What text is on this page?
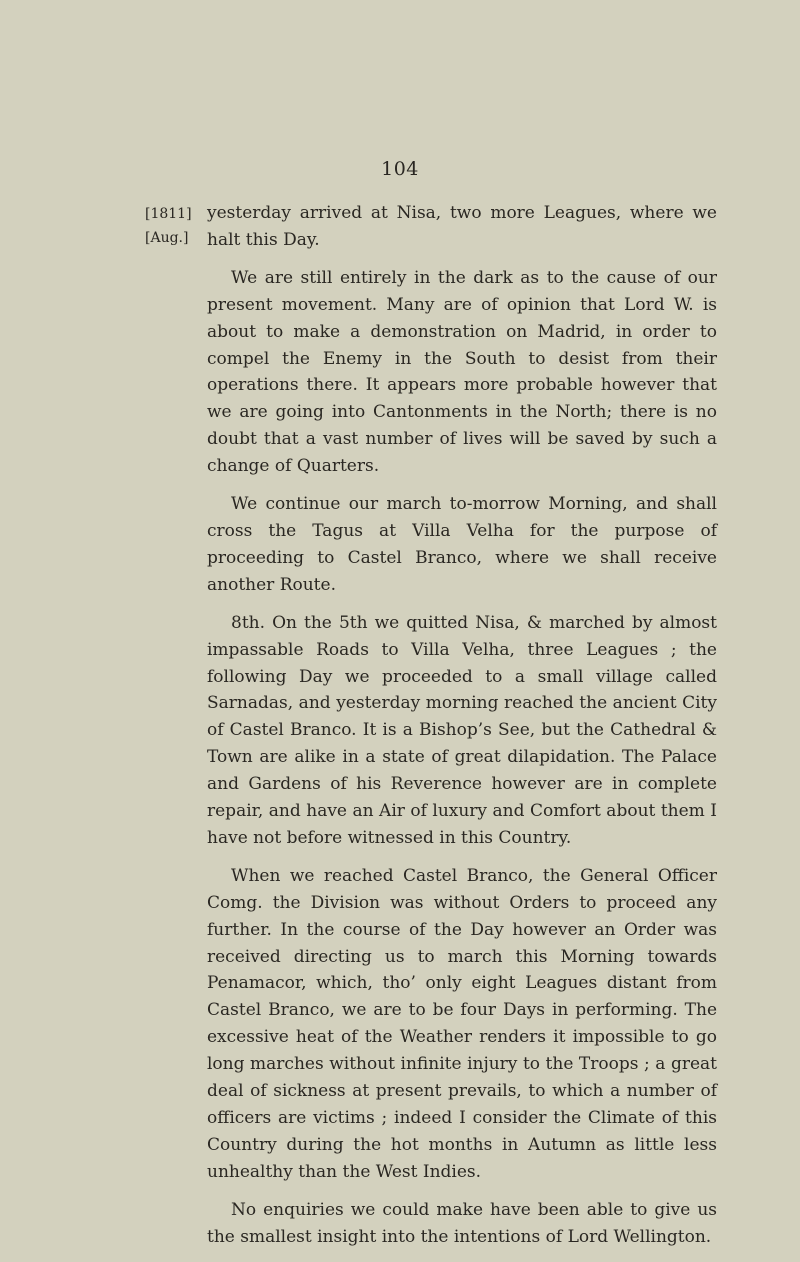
104
[1811]
[Aug.]

yesterday arrived at Nisa, two more Leagues, where we halt this Day.

We are still entirely in the dark as to the cause of our present movement. Many are of opinion that Lord W. is about to make a demonstration on Madrid, in order to compel the Enemy in the South to desist from their operations there. It appears more probable however that we are going into Cantonments in the North; there is no doubt that a vast number of lives will be saved by such a change of Quarters.

We continue our march to-morrow Morning, and shall cross the Tagus at Villa Velha for the purpose of proceeding to Castel Branco, where we shall receive another Route.

8th. On the 5th we quitted Nisa, & marched by almost impassable Roads to Villa Velha, three Leagues ; the following Day we proceeded to a small village called Sarnadas, and yesterday morning reached the ancient City of Castel Branco. It is a Bishop’s See, but the Cathedral & Town are alike in a state of great dilapidation. The Palace and Gardens of his Reverence however are in complete repair, and have an Air of luxury and Comfort about them I have not before witnessed in this Country.

When we reached Castel Branco, the General Officer Comg. the Division was without Orders to proceed any further. In the course of the Day however an Order was received directing us to march this Morning towards Penamacor, which, tho’ only eight Leagues distant from Castel Branco, we are to be four Days in performing. The excessive heat of the Weather renders it impossible to go long marches without infinite injury to the Troops ; a great deal of sickness at present prevails, to which a number of officers are victims ; indeed I consider the Climate of this Country during the hot months in Autumn as little less unhealthy than the West Indies.

No enquiries we could make have been able to give us the smallest insight into the intentions of Lord Wellington.
